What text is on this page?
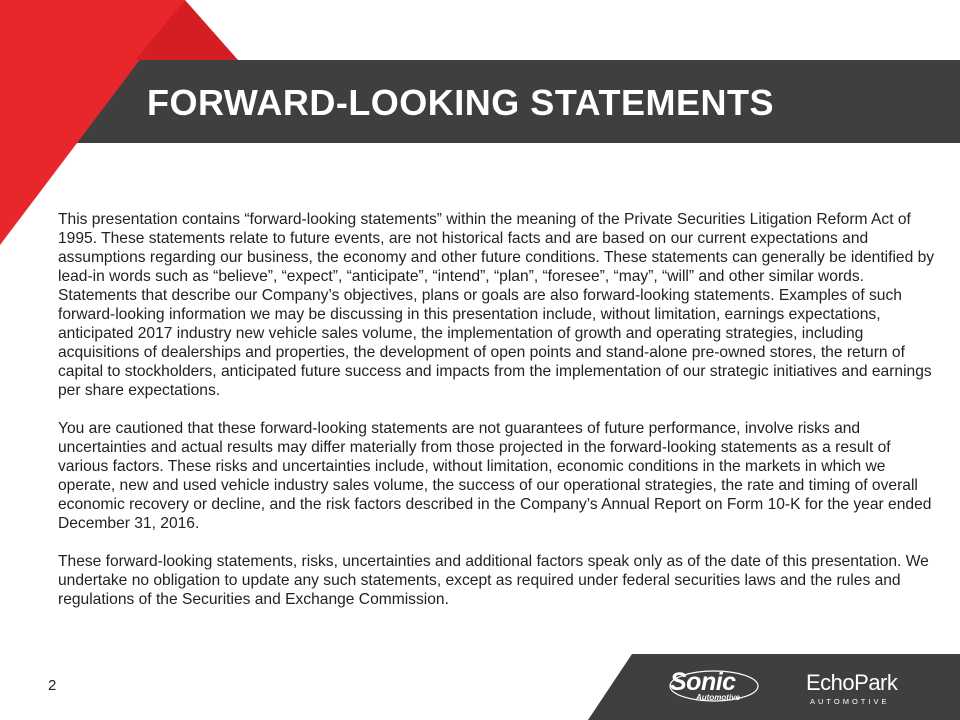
FORWARD-LOOKING STATEMENTS

This presentation contains “forward-looking statements” within the meaning of the Private Securities Litigation Reform Act of 1995. These statements relate to future events, are not historical facts and are based on our current expectations and assumptions regarding our business, the economy and other future conditions. These statements can generally be identified by lead-in words such as “believe”, “expect”, “anticipate”, “intend”, “plan”, “foresee”, “may”, “will” and other similar words. Statements that describe our Company’s objectives, plans or goals are also forward-looking statements. Examples of such forward-looking information we may be discussing in this presentation include, without limitation, earnings expectations, anticipated 2017 industry new vehicle sales volume, the implementation of growth and operating strategies, including acquisitions of dealerships and properties, the development of open points and stand-alone pre-owned stores, the return of capital to stockholders, anticipated future success and impacts from the implementation of our strategic initiatives and earnings per share expectations.

You are cautioned that these forward-looking statements are not guarantees of future performance, involve risks and uncertainties and actual results may differ materially from those projected in the forward-looking statements as a result of various factors. These risks and uncertainties include, without limitation, economic conditions in the markets in which we operate, new and used vehicle industry sales volume, the success of our operational strategies, the rate and timing of overall economic recovery or decline, and the risk factors described in the Company’s Annual Report on Form 10-K for the year ended December 31, 2016.

These forward-looking statements, risks, uncertainties and additional factors speak only as of the date of this presentation. We undertake no obligation to update any such statements, except as required under federal securities laws and the rules and regulations of the Securities and Exchange Commission.

2	Sonic
Automotive
EchoPark
AUTOMOTIVE
